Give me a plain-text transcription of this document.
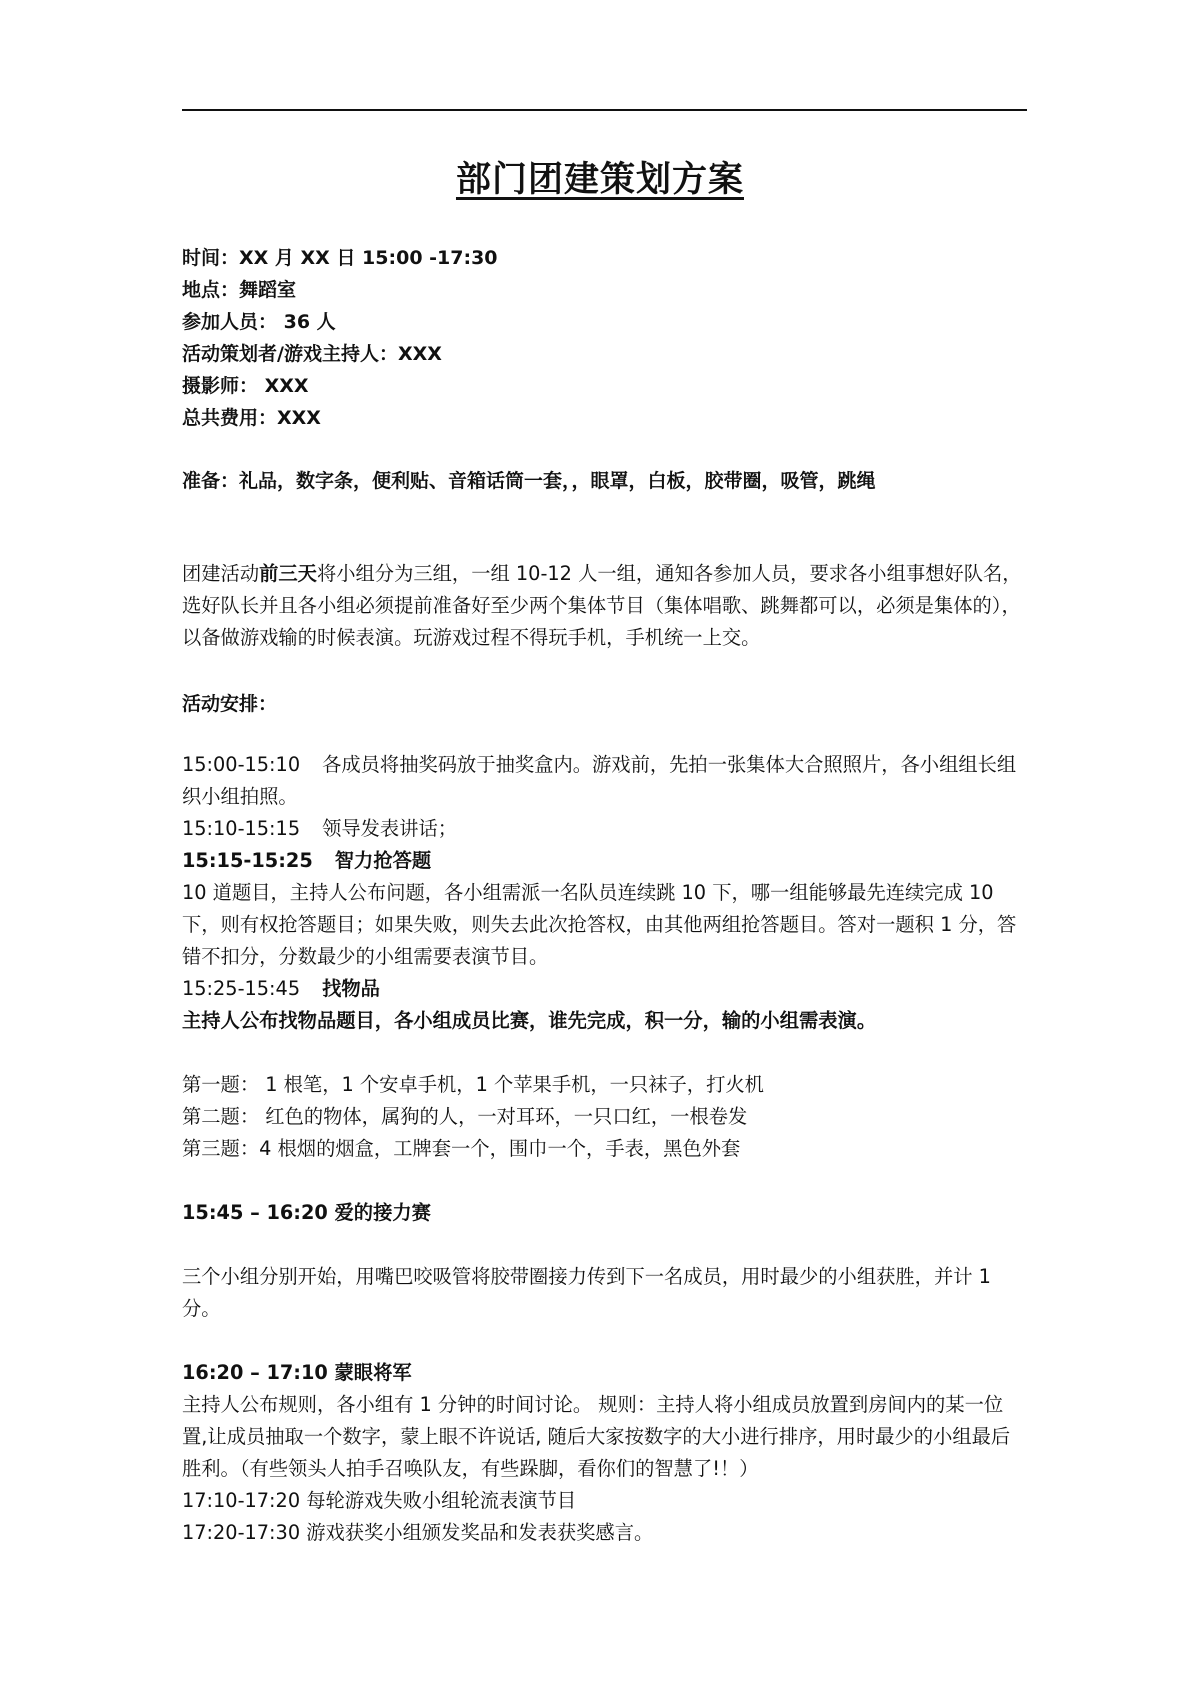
部门团建策划方案
时间：XX 月 XX 日 15:00 -17:30
地点：舞蹈室
参加人员： 36 人
活动策划者/游戏主持人：XXX
摄影师： XXX
总共费用：XXX
准备：礼品，数字条，便利贴、音箱话筒一套，，眼罩，白板，胶带圈，吸管，跳绳
团建活动前三天将小组分为三组，一组 10-12 人一组，通知各参加人员，要求各小组事想好队名，选好队长并且各小组必须提前准备好至少两个集体节目（集体唱歌、跳舞都可以，必须是集体的），以备做游戏输的时候表演。玩游戏过程不得玩手机，手机统一上交。
活动安排：
15:00-15:10 各成员将抽奖码放于抽奖盒内。游戏前，先拍一张集体大合照照片，各小组组长组织小组拍照。
15:10-15:15 领导发表讲话；
15:15-15:25 智力抢答题
10 道题目，主持人公布问题，各小组需派一名队员连续跳 10 下，哪一组能够最先连续完成 10 下，则有权抢答题目；如果失败，则失去此次抢答权，由其他两组抢答题目。答对一题积 1 分，答错不扣分，分数最少的小组需要表演节目。
15:25-15:45 找物品
主持人公布找物品题目，各小组成员比赛，谁先完成，积一分，输的小组需表演。
第一题： 1 根笔，1 个安卓手机，1 个苹果手机，一只袜子，打火机
第二题： 红色的物体，属狗的人，一对耳环，一只口红，一根卷发
第三题：4 根烟的烟盒，工牌套一个，围巾一个，手表，黑色外套
15:45 – 16:20 爱的接力赛
三个小组分别开始，用嘴巴咬吸管将胶带圈接力传到下一名成员，用时最少的小组获胜，并计 1 分。
16:20 – 17:10 蒙眼将军
主持人公布规则，各小组有 1 分钟的时间讨论。 规则：主持人将小组成员放置到房间内的某一位置,让成员抽取一个数字，蒙上眼不许说话, 随后大家按数字的大小进行排序，用时最少的小组最后胜利。（有些领头人拍手召唤队友，有些跺脚，看你们的智慧了!！）
17:10-17:20 每轮游戏失败小组轮流表演节目
17:20-17:30 游戏获奖小组颁发奖品和发表获奖感言。
